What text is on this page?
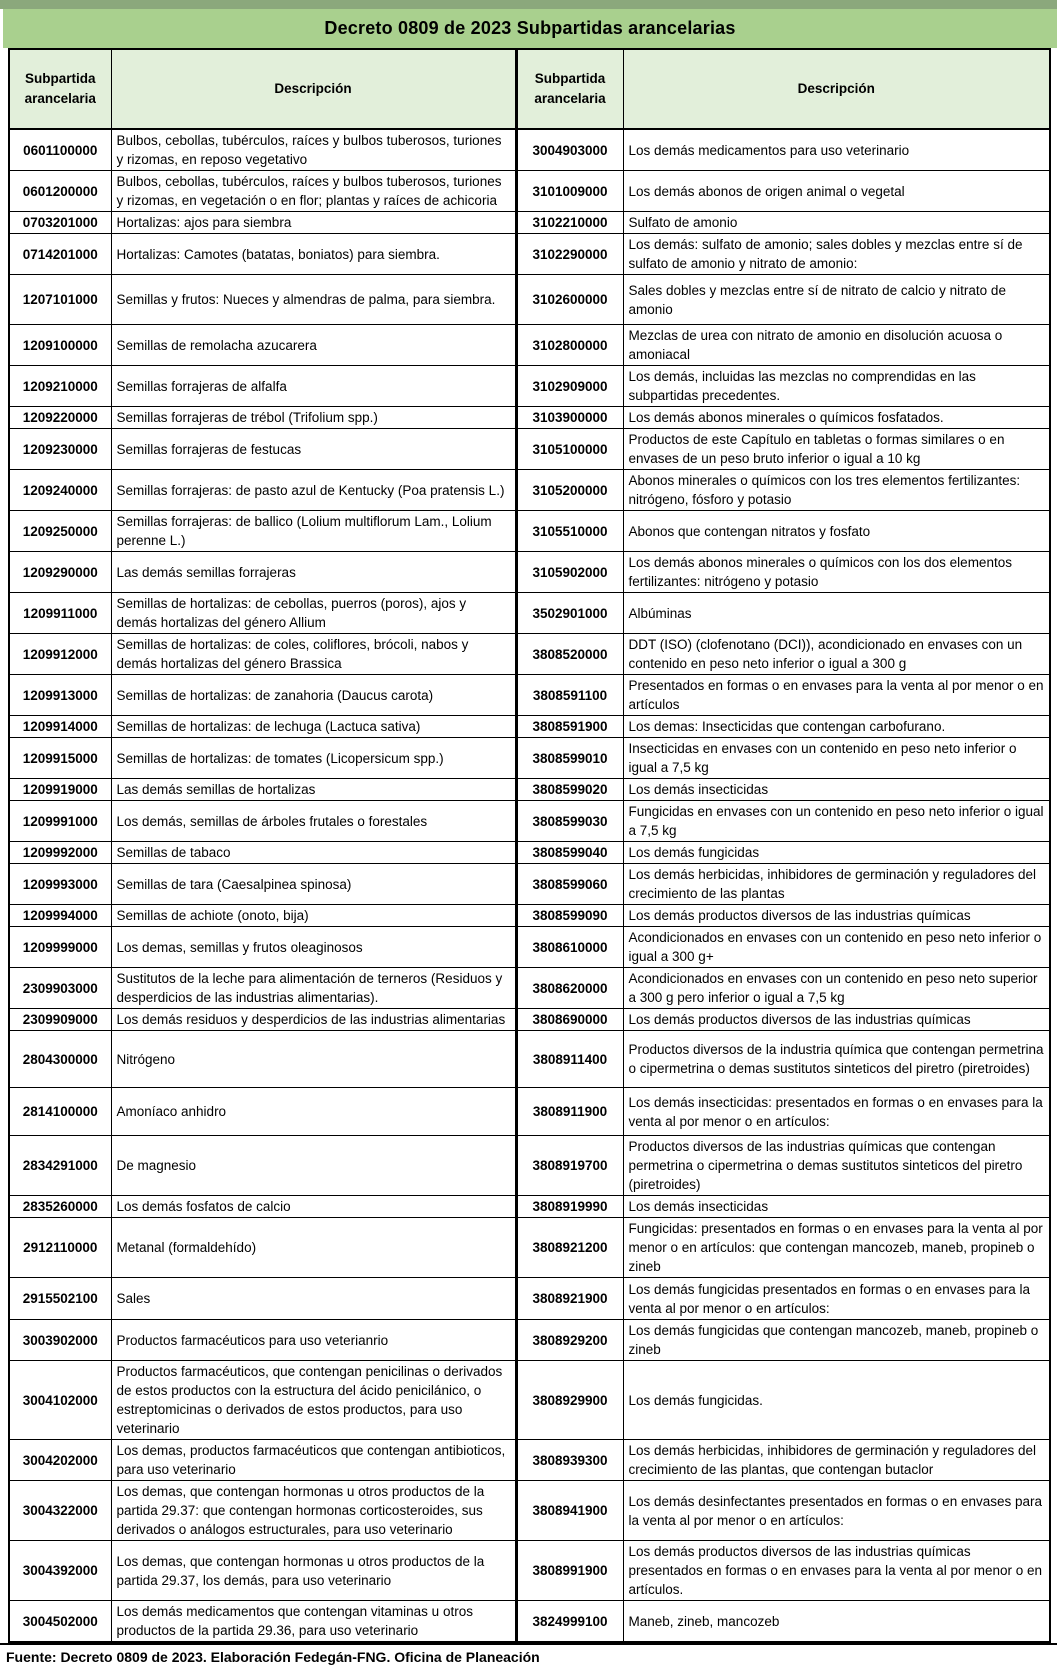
Decreto 0809 de 2023 Subpartidas arancelarias
Subpartida arancelaria	Descripción	Subpartida arancelaria	Descripción
0601100000	Bulbos, cebollas, tubérculos, raíces y bulbos tuberosos, turiones y rizomas, en reposo vegetativo	3004903000	Los demás medicamentos para uso veterinario
0601200000	Bulbos, cebollas, tubérculos, raíces y bulbos tuberosos, turiones y rizomas, en vegetación o en flor; plantas y raíces de achicoria	3101009000	Los demás abonos de origen animal o vegetal
0703201000	Hortalizas: ajos para siembra	3102210000	Sulfato de amonio
0714201000	Hortalizas: Camotes (batatas, boniatos) para siembra.	3102290000	Los demás: sulfato de amonio; sales dobles y mezclas entre sí de sulfato de amonio y nitrato de amonio:
1207101000	Semillas y frutos: Nueces y almendras de palma, para siembra.	3102600000	Sales dobles y mezclas entre sí de nitrato de calcio y nitrato de amonio
1209100000	Semillas de remolacha azucarera	3102800000	Mezclas de urea con nitrato de amonio en disolución acuosa o amoniacal
1209210000	Semillas forrajeras de alfalfa	3102909000	Los demás, incluidas las mezclas no comprendidas en las subpartidas precedentes.
1209220000	Semillas forrajeras de trébol (Trifolium spp.)	3103900000	Los demás abonos minerales o químicos fosfatados.
1209230000	Semillas forrajeras de festucas	3105100000	Productos de este Capítulo en tabletas o formas similares o en envases de un peso bruto inferior o igual a 10 kg
1209240000	Semillas forrajeras: de pasto azul de Kentucky (Poa pratensis L.)	3105200000	Abonos minerales o químicos con los tres elementos fertilizantes: nitrógeno, fósforo y potasio
1209250000	Semillas forrajeras: de ballico (Lolium multiflorum Lam., Lolium perenne L.)	3105510000	Abonos que contengan nitratos y fosfato
1209290000	Las demás semillas forrajeras	3105902000	Los demás abonos minerales o químicos con los dos elementos fertilizantes: nitrógeno y potasio
1209911000	Semillas de hortalizas: de cebollas, puerros (poros), ajos y demás hortalizas del género Allium	3502901000	Albúminas
1209912000	Semillas de hortalizas: de coles, coliflores, brócoli, nabos y demás hortalizas del género Brassica	3808520000	DDT (ISO) (clofenotano (DCI)), acondicionado en envases con un contenido en peso neto inferior o igual a 300 g
1209913000	Semillas de hortalizas: de zanahoria (Daucus carota)	3808591100	Presentados en formas o en envases para la venta al por menor o en artículos
1209914000	Semillas de hortalizas: de lechuga (Lactuca sativa)	3808591900	Los demas: Insecticidas que contengan carbofurano.
1209915000	Semillas de hortalizas: de tomates (Licopersicum spp.)	3808599010	Insecticidas en envases con un contenido en peso neto inferior o igual a 7,5 kg
1209919000	Las demás semillas de hortalizas	3808599020	Los demás insecticidas
1209991000	Los demás, semillas de árboles frutales o forestales	3808599030	Fungicidas en envases con un contenido en peso neto inferior o igual a 7,5 kg
1209992000	Semillas de tabaco	3808599040	Los demás fungicidas
1209993000	Semillas de tara (Caesalpinea spinosa)	3808599060	Los demás herbicidas, inhibidores de germinación y reguladores del crecimiento de las plantas
1209994000	Semillas de achiote (onoto, bija)	3808599090	Los demás productos diversos de las industrias químicas
1209999000	Los demas, semillas y frutos oleaginosos	3808610000	Acondicionados en envases con un contenido en peso neto inferior o igual a 300 g+
2309903000	Sustitutos de la leche para alimentación de terneros (Residuos y desperdicios de las industrias alimentarias).	3808620000	Acondicionados en envases con un contenido en peso neto superior a 300 g pero inferior o igual a 7,5 kg
2309909000	Los demás residuos y desperdicios de las industrias alimentarias	3808690000	Los demás productos diversos de las industrias químicas
2804300000	Nitrógeno	3808911400	Productos diversos de la industria química que contengan permetrina o cipermetrina o demas sustitutos sinteticos del piretro (piretroides)
2814100000	Amoníaco anhidro	3808911900	Los demás insecticidas: presentados en formas o en envases para la venta al por menor o en artículos:
2834291000	De magnesio	3808919700	Productos diversos de las industrias químicas que contengan permetrina o cipermetrina o demas sustitutos sinteticos del piretro (piretroides)
2835260000	Los demás fosfatos de calcio	3808919990	Los demás insecticidas
2912110000	Metanal (formaldehído)	3808921200	Fungicidas: presentados en formas o en envases para la venta al por menor o en artículos: que contengan mancozeb, maneb, propineb o zineb
2915502100	Sales	3808921900	Los demás fungicidas presentados en formas o en envases para la venta al por menor o en artículos:
3003902000	Productos farmacéuticos para uso veterianrio	3808929200	Los demás fungicidas que contengan mancozeb, maneb, propineb o zineb
3004102000	Productos farmacéuticos, que contengan penicilinas o derivados de estos productos con la estructura del ácido penicilánico, o estreptomicinas o derivados de estos productos, para uso veterinario	3808929900	Los demás fungicidas.
3004202000	Los demas, productos farmacéuticos que contengan antibioticos, para uso veterinario	3808939300	Los demás herbicidas, inhibidores de germinación y reguladores del crecimiento de las plantas, que contengan butaclor
3004322000	Los demas, que contengan hormonas u otros productos de la partida 29.37: que contengan hormonas corticosteroides, sus derivados o análogos estructurales, para uso veterinario	3808941900	Los demás desinfectantes presentados en formas o en envases para la venta al por menor o en artículos:
3004392000	Los demas, que contengan hormonas u otros productos de la partida 29.37, los demás, para uso veterinario	3808991900	Los demás productos diversos de las industrias químicas presentados en formas o en envases para la venta al por menor o en artículos.
3004502000	Los demás medicamentos que contengan vitaminas u otros productos de la partida 29.36, para uso veterinario	3824999100	Maneb, zineb, mancozeb
Fuente: Decreto 0809 de 2023. Elaboración Fedegán-FNG. Oficina de Planeación
